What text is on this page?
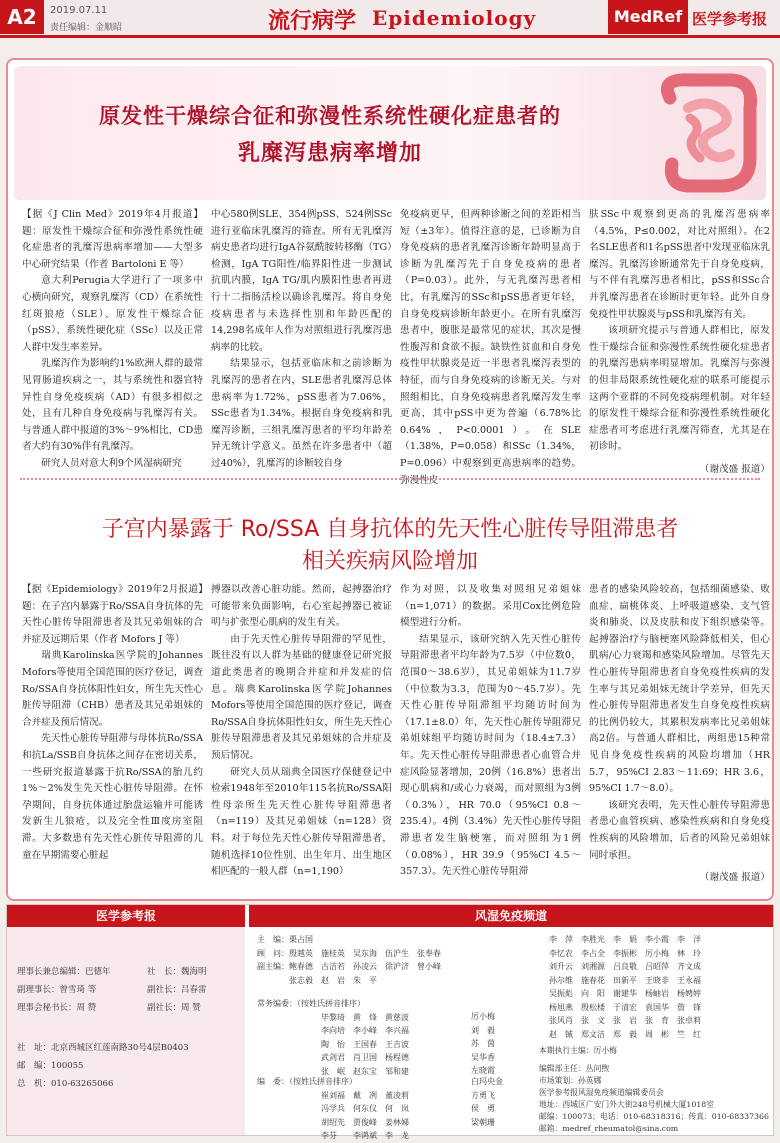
A2	2019.07.11
责任编辑：金顺昭	流行病学 Epidemiology	MedRef 医学参考报
原发性干燥综合征和弥漫性系统性硬化症患者的
乳糜泻患病率增加

【据《J Clin Med》2019年4月报道】题：原发性干燥综合征和弥漫性系统性硬化症患者的乳糜泻患病率增加——大型多中心研究结果（作者 Bartoloni E 等）

意大利Perugia大学进行了一项多中心横向研究，观察乳糜泻（CD）在系统性红斑狼疮（SLE）、原发性干燥综合征（pSS）、系统性硬化症（SSc）以及正常人群中发生率差异。

乳糜泻作为影响约1%欧洲人群的最常见胃肠道疾病之一，其与系统性和器官特异性自身免疫疾病（AD）有很多相似之处，且有几种自身免疫病与乳糜泻有关。与普通人群中报道的3%～9%相比，CD患者大约有30%伴有乳糜泻。

研究人员对意大利9个风湿病研究

中心580例SLE、354例pSS、524例SSc进行亚临床乳糜泻的筛查。所有无乳糜泻病史患者均进行IgA谷氨酰胺转移酶（TG）检测，IgA TG阳性/临界阳性进一步测试抗肌内膜，IgA TG/肌内膜阳性患者再进行十二指肠活检以确诊乳糜泻。将自身免疫病患者与未选择性别和年龄匹配的14,298名成年人作为对照组进行乳糜泻患病率的比较。

结果显示，包括亚临床和之前诊断为乳糜泻的患者在内，SLE患者乳糜泻总体患病率为1.72%，pSS患者为7.06%，SSc患者为1.34%。根据自身免疫病和乳糜泻诊断，三组乳糜泻患者的平均年龄差异无统计学意义。虽然在许多患者中（超过40%），乳糜泻的诊断较自身

免疫病更早，但两种诊断之间的差距相当短（±3年）。值得注意的是，已诊断为自身免疫病的患者乳糜泻诊断年龄明显高于诊断为乳糜泻先于自身免疫病的患者（P=0.03）。此外，与无乳糜泻患者相比，有乳糜泻的SSc和pSS患者更年轻，自身免疫病诊断年龄更小。在所有乳糜泻患者中，腹胀是最常见的症状，其次是慢性腹泻和食欲不振。缺铁性贫血和自身免疫性甲状腺炎是近一半患者乳糜泻表型的特征，而与自身免疫病的诊断无关。与对照组相比，自身免疫病患者乳糜泻发生率更高，其中pSS中更为普遍（6.78%比0.64%，P<0.0001）。在SLE（1.38%，P=0.058）和SSc（1.34%，P=0.096）中观察到更高患病率的趋势。弥漫性皮

肤SSc中观察到更高的乳糜泻患病率（4.5%，P≤0.002，对比对照组）。在2名SLE患者和1名pSS患者中发现亚临床乳糜泻。乳糜泻诊断通常先于自身免疫病，与不伴有乳糜泻患者相比，pSS和SSc合并乳糜泻患者在诊断时更年轻。此外自身免疫性甲状腺炎与pSS和乳糜泻有关。

该项研究提示与普通人群相比，原发性干燥综合征和弥漫性系统性硬化症患者的乳糜泻患病率明显增加。乳糜泻与弥漫的但非局限系统性硬化症的联系可能提示这两个亚群的不同免疫病理机制。对年轻的原发性干燥综合征和弥漫性系统性硬化症患者可考虑进行乳糜泻筛查，尤其是在初诊时。

（谢茂盛 报道）
子宫内暴露于 Ro/SSA 自身抗体的先天性心脏传导阻滞患者
相关疾病风险增加

【据《Epidemiology》2019年2月报道】题：在子宫内暴露于Ro/SSA自身抗体的先天性心脏传导阻滞患者及其兄弟姐妹的合并症及远期后果（作者 Mofors J 等）

瑞典Karolinska医学院的Johannes Mofors等使用全国范围的医疗登记，调查Ro/SSA自身抗体阳性妇女，所生先天性心脏传导阻滞（CHB）患者及其兄弟姐妹的合并症及预后情况。

先天性心脏传导阻滞与母体抗Ro/SSA和抗La/SSB自身抗体之间存在密切关系，一些研究报道暴露于抗Ro/SSA的胎儿约1%～2%发生先天性心脏传导阻滞。在怀孕期间，自身抗体通过胎盘运输并可能诱发新生儿狼疮，以及完全性Ⅲ度房室阻滞。大多数患有先天性心脏传导阻滞的儿童在早期需要心脏起

搏器以改善心脏功能。然而，起搏器治疗可能带来负面影响，右心室起搏器已被证明与扩张型心肌病的发生有关。

由于先天性心脏传导阻滞的罕见性，既往没有以人群为基础的健康登记研究报道此类患者的晚期合并症和并发症的信息。瑞典Karolinska医学院Johannes Mofors等使用全国范围的医疗登记，调查Ro/SSA自身抗体阳性妇女，所生先天性心脏传导阻滞患者及其兄弟姐妹的合并症及预后情况。

研究人员从瑞典全国医疗保健登记中检索1948年至2010年115名抗Ro/SSA阳性母亲所生先天性心脏传导阻滞患者（n=119）及其兄弟姐妹（n=128）资料。对于每位先天性心脏传导阻滞患者，随机选择10位性别、出生年月、出生地区相匹配的一般人群（n=1,190）

作为对照，以及收集对照组兄弟姐妹（n=1,071）的数据。采用Cox比例危险模型进行分析。

结果显示，该研究纳入先天性心脏传导阻滞患者平均年龄为7.5岁（中位数0，范围0～38.6岁），其兄弟姐妹为11.7岁（中位数为3.3，范围为0～45.7岁）。先天性心脏传导阻滞组平均随访时间为（17.1±8.0）年，先天性心脏传导阻滞兄弟姐妹组平均随访时间为（18.4±7.3）年。先天性心脏传导阻滞患者心血管合并症风险显著增加，20例（16.8%）患者出现心肌病和/或心力衰竭，而对照组为3例（0.3%），HR 70.0（95%CI 0.8～235.4）。4例（3.4%）先天性心脏传导阻滞患者发生脑梗塞，而对照组为1例（0.08%），HR 39.9（95%CI 4.5～357.3）。先天性心脏传导阻滞

患者的感染风险较高，包括细菌感染、败血症、扁桃体炎、上呼吸道感染、支气管炎和肺炎、以及皮肤和皮下组织感染等。起搏器治疗与脑梗塞风险降低相关，但心肌病/心力衰竭和感染风险增加。尽管先天性心脏传导阻滞患者自身免疫性疾病的发生率与其兄弟姐妹无统计学差异，但先天性心脏传导阻滞患者发生自身免疫性疾病的比例仍较大，其累积发病率比兄弟姐妹高2倍。与普通人群相比，两组患15种常见自身免疫性疾病的风险均增加（HR 5.7，95%CI 2.83～11.69；HR 3.6，95%CI 1.7～8.0）。

该研究表明，先天性心脏传导阻滞患者患心血管疾病、感染性疾病和自身免疫性疾病的风险增加，后者的风险兄弟姐妹同时承担。

（谢茂盛 报道）
医学参考报
理事长兼总编辑：巴德年	社　长：魏海明
副理事长：曾雪琦 等	副社长：吕春雷
理事会秘书长：周 赞	副社长：周 赞
社　址：北京西城区红莲南路30号4层B0403
邮　编：100055
总　机：010-63265066
风湿免疫频道
主　编：栗占国
顾　问：殷越英　施桂英　吴东海　伍沪生　张奉春
副主编：鲍春德　古洁若　孙凌云　徐沪济　曾小峰
　　　　张志毅　赵　岩　朱　平
常务编委：（按姓氏拼音排序）
毕黎琦　黄　烽　黄慈波
李向培　李小峰　李兴福
陶　怡　王国春　王吉波
武剑君　肖卫国　杨程德
张　岷　赵东宝　邹和建
厉小梅
刘　毅
苏　茵
吴华香
左晓霞
编　委：（按姓氏拼音排序）
崔刘福　戴　冽　董凌莉
冯学兵　何东仪　何　岚
胡绍先　贾俊峰　姜林娣
李芬　　李鸿斌　李　龙
白玛央金
方勇飞
侯　勇
梁朝珊
李　萍　李胜光　李　娟　李小霞　李　洋
李忆农　李占全　李振彬　厉小梅　林　玲
刘升云　刘湘源　吕良敬　吕昭萍　齐文成
孙尔维　施春花　田新平　王晓非　王永福
吴振彪　向　阳　谢建华　杨岫岩　杨娉婷
杨旭燕　殷松楼　于清宏　袁国华　詹　锋
张风肖　张　文　张　岩　张　育　张卓莉
赵　铖　郑文洁　郑　毅　周　彬　竺　红
本期执行主编：厉小梅
编辑部主任：丛问煦
市场策划：孙英娜
医学参考报风湿免疫频道编辑委员会
地址：西城区广安门外大街248号机械大厦1018室
邮编：100073；电话：010-68318316；传真：010-68337366
邮箱：medref_rheumatol@sina.com
